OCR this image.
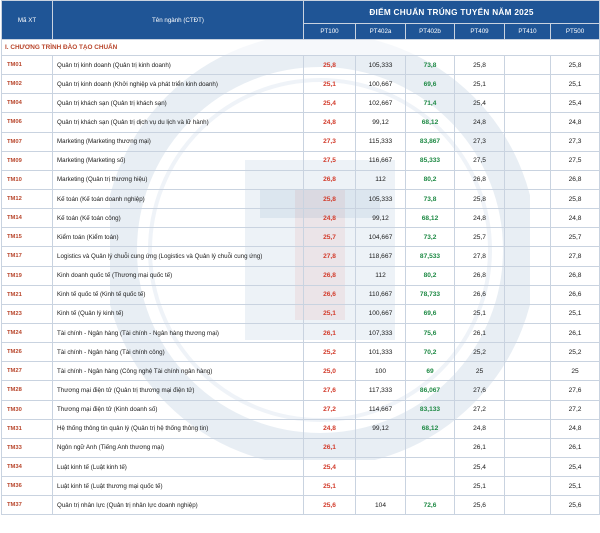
Mã XT	Tên ngành (CTĐT)	ĐIỂM CHUẨN TRÚNG TUYỂN NĂM 2025					
		PT100	PT402a	PT402b	PT409	PT410	PT500
I. CHƯƠNG TRÌNH ĐÀO TẠO CHUẨN							
TM01	Quản trị kinh doanh (Quản trị kinh doanh)	25,8	105,333	73,8	25,8		25,8
TM02	Quản trị kinh doanh (Khởi nghiệp và phát triển kinh doanh)	25,1	100,667	69,6	25,1		25,1
TM04	Quản trị khách sạn (Quản trị khách sạn)	25,4	102,667	71,4	25,4		25,4
TM06	Quản trị khách sạn (Quản trị dịch vụ du lịch và lữ hành)	24,8	99,12	68,12	24,8		24,8
TM07	Marketing (Marketing thương mại)	27,3	115,333	83,867	27,3		27,3
TM09	Marketing (Marketing số)	27,5	116,667	85,333	27,5		27,5
TM10	Marketing (Quản trị thương hiệu)	26,8	112	80,2	26,8		26,8
TM12	Kế toán (Kế toán doanh nghiệp)	25,8	105,333	73,8	25,8		25,8
TM14	Kế toán (Kế toán công)	24,8	99,12	68,12	24,8		24,8
TM15	Kiểm toán (Kiểm toán)	25,7	104,667	73,2	25,7		25,7
TM17	Logistics và Quản lý chuỗi cung ứng (Logistics và Quản lý chuỗi cung ứng)	27,8	118,667	87,533	27,8		27,8
TM19	Kinh doanh quốc tế (Thương mại quốc tế)	26,8	112	80,2	26,8		26,8
TM21	Kinh tế quốc tế (Kinh tế quốc tế)	26,6	110,667	78,733	26,6		26,6
TM23	Kinh tế (Quản lý kinh tế)	25,1	100,667	69,6	25,1		25,1
TM24	Tài chính - Ngân hàng (Tài chính - Ngân hàng thương mại)	26,1	107,333	75,6	26,1		26,1
TM26	Tài chính - Ngân hàng (Tài chính công)	25,2	101,333	70,2	25,2		25,2
TM27	Tài chính - Ngân hàng (Công nghệ Tài chính ngân hàng)	25,0	100	69	25		25
TM28	Thương mại điện tử (Quản trị thương mại điện tử)	27,6	117,333	86,067	27,6		27,6
TM30	Thương mại điện tử (Kinh doanh số)	27,2	114,667	83,133	27,2		27,2
TM31	Hệ thống thông tin quản lý (Quản trị hệ thống thông tin)	24,8	99,12	68,12	24,8		24,8
TM33	Ngôn ngữ Anh (Tiếng Anh thương mại)	26,1			26,1		26,1
TM34	Luật kinh tế (Luật kinh tế)	25,4			25,4		25,4
TM36	Luật kinh tế (Luật thương mại quốc tế)	25,1			25,1		25,1
TM37	Quản trị nhân lực (Quản trị nhân lực doanh nghiệp)	25,6	104	72,6	25,6		25,6
